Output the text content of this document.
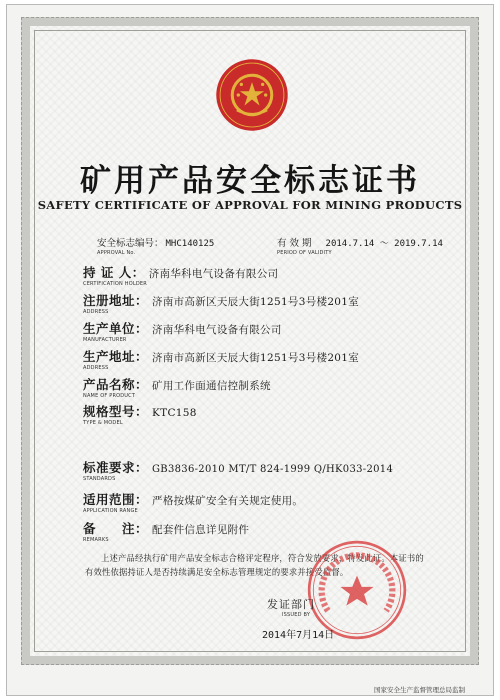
矿用产品安全标志证书
SAFETY CERTIFICATE OF APPROVAL FOR MINING PRODUCTS
安全标志编号： MHC140125
APPROVAL No.
有 效 期 2014.7.14 ～ 2019.7.14
PERIOD OF VALIDITY
持 证 人： 济南华科电气设备有限公司
CERTIFICATION HOLDER
注册地址： 济南市高新区天辰大街1251号3号楼201室
ADDRESS
生产单位： 济南华科电气设备有限公司
MANUFACTURER
生产地址： 济南市高新区天辰大街1251号3号楼201室
ADDRESS
产品名称： 矿用工作面通信控制系统
NAME OF PRODUCT
规格型号： KTC158
TYPE & MODEL
标准要求： GB3836-2010 MT/T 824-1999 Q/HK033-2014
STANDARDS
适用范围： 严格按煤矿安全有关规定使用。
APPLICATION RANGE
备　　注： 配套件信息详见附件
REMARKS
上述产品经执行矿用产品安全标志合格评定程序，符合发放要求，特发此证。本证书的有效性依据持证人是否持续满足安全标志管理规定的要求并接受监督。
发证部门
ISSUED BY
2014年7月14日
国家安全生产监督管理总局监制
